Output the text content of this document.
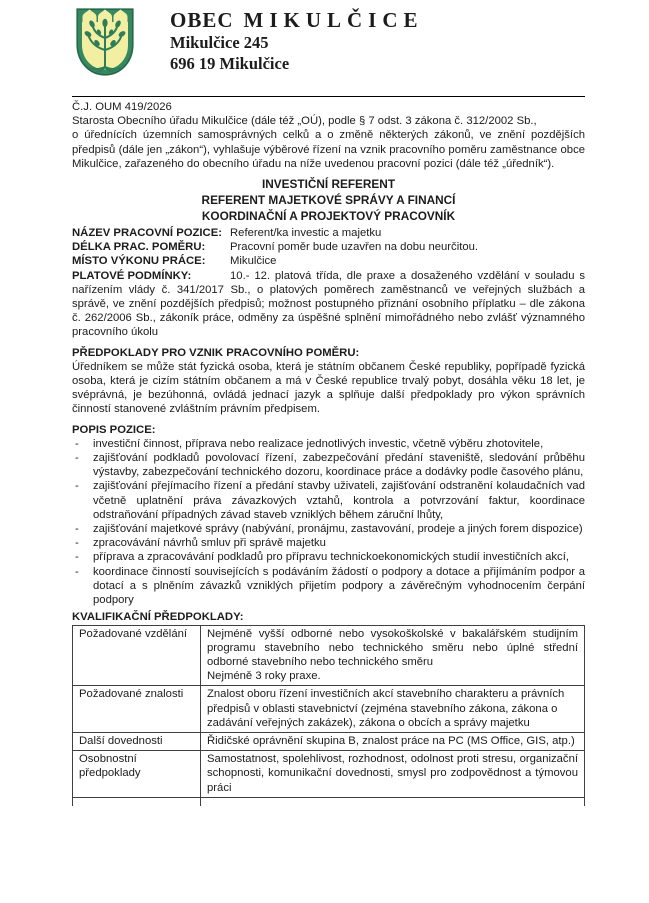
OBEC MIKULČICE
Mikulčice 245
696 19 Mikulčice
Č.J. OUM 419/2026

Starosta Obecního úřadu Mikulčice (dále též „OÚ), podle § 7 odst. 3 zákona č. 312/2002 Sb.,
o úřednících územních samosprávných celků a o změně některých zákonů, ve znění pozdějších předpisů (dále jen „zákon“), vyhlašuje výběrové řízení na vznik pracovního poměru zaměstnance obce Mikulčice, zařazeného do obecního úřadu na níže uvedenou pracovní pozici (dále též „úředník“).

INVESTIČNÍ REFERENT
REFERENT MAJETKOVÉ SPRÁVY A FINANCÍ
KOORDINAČNÍ A PROJEKTOVÝ PRACOVNÍK

NÁZEV PRACOVNÍ POZICE: Referent/ka investic a majetku

DÉLKA PRAC. POMĚRU: Pracovní poměr bude uzavřen na dobu neurčitou.

MÍSTO VÝKONU PRÁCE: Mikulčice

PLATOVÉ PODMÍNKY:	10.- 12. platová třída, dle praxe a dosaženého vzdělání v souladu s nařízením vlády č. 341/2017 Sb., o platových poměrech zaměstnanců ve veřejných službách a správě, ve znění pozdějších předpisů; možnost postupného přiznání osobního příplatku – dle zákona č. 262/2006 Sb., zákoník práce, odměny za úspěšné splnění mimořádného nebo zvlášť významného pracovního úkolu

PŘEDPOKLADY PRO VZNIK PRACOVNÍHO POMĚRU:

Úředníkem se může stát fyzická osoba, která je státním občanem České republiky, popřípadě fyzická osoba, která je cizím státním občanem a má v České republice trvalý pobyt, dosáhla věku 18 let, je svéprávná, je bezúhonná, ovládá jednací jazyk a splňuje další předpoklady pro výkon správních činností stanovené zvláštním právním předpisem.

POPIS POZICE:
-	investiční činnost, příprava nebo realizace jednotlivých investic, včetně výběru zhotovitele,
-	zajišťování podkladů povolovací řízení, zabezpečování předání staveniště, sledování průběhu výstavby, zabezpečování technického dozoru, koordinace práce a dodávky podle časového plánu,
-	zajišťování přejímacího řízení a předání stavby uživateli, zajišťování odstranění kolaudačních vad včetně uplatnění práva závazkových vztahů, kontrola a potvrzování faktur, koordinace odstraňování případných závad staveb vzniklých během záruční lhůty,
-	zajišťování majetkové správy (nabývání, pronájmu, zastavování, prodeje a jiných forem dispozice)
-	zpracovávání návrhů smluv při správě majetku
-	příprava a zpracovávání podkladů pro přípravu technickoekonomických studií investičních akcí,
-	koordinace činností souvisejících s podáváním žádostí o podpory a dotace a přijímáním podpor a dotací a s plněním závazků vzniklých přijetím podpory a závěrečným vyhodnocením čerpání podpory
KVALIFIKAČNÍ PŘEDPOKLADY:
Požadované vzdělání	Nejméně vyšší odborné nebo vysokoškolské v bakalářském studijním programu stavebního nebo technického směru nebo úplné střední odborné stavebního nebo technického směru
Nejméně 3 roky praxe.

Požadované znalosti	Znalost oboru řízení investičních akcí stavebního charakteru a právních předpisů v oblasti stavebnictví (zejména stavebního zákona, zákona o zadávání veřejných zakázek), zákona o obcích a správy majetku

Další dovednosti	Řidičské oprávnění skupina B, znalost práce na PC (MS Office, GIS, atp.)

Osobnostní předpoklady	Samostatnost, spolehlivost, rozhodnost, odolnost proti stresu, organizační schopnosti, komunikační dovednosti, smysl pro zodpovědnost a týmovou práci
